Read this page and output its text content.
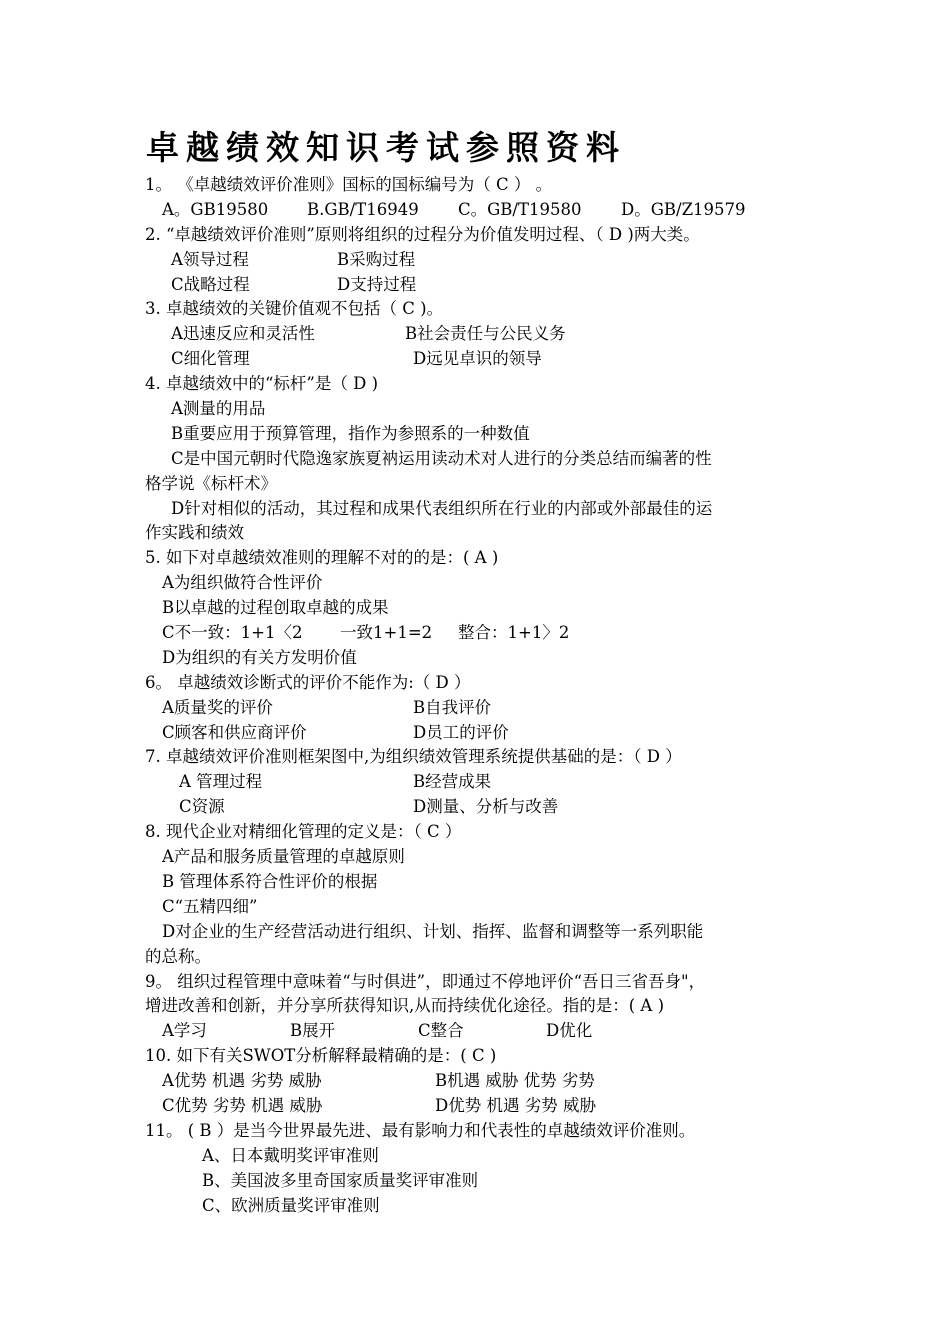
卓越绩效知识考试参照资料
1。 《卓越绩效评价准则》国标的国标编号为（ C ） 。
A。GB19580 B.GB/T16949 C。GB/T19580 D。GB/Z19579
2. “卓越绩效评价准则”原则将组织的过程分为价值发明过程、（ D )两大类。
A领导过程	B采购过程
C战略过程	D支持过程
3. 卓越绩效的关键价值观不包括（ C )。
A迅速反应和灵活性	B社会责任与公民义务
C细化管理	D远见卓识的领导
4. 卓越绩效中的“标杆”是（ D )
A测量的用品
B重要应用于预算管理，指作为参照系的一种数值
C是中国元朝时代隐逸家族夏衲运用读动术对人进行的分类总结而编著的性
格学说《标杆术》
D针对相似的活动，其过程和成果代表组织所在行业的内部或外部最佳的运
作实践和绩效
5. 如下对卓越绩效准则的理解不对的的是：( A )
A为组织做符合性评价
B以卓越的过程创取卓越的成果
C不一致：1+1〈2 一致1+1=2 整合：1+1〉2
D为组织的有关方发明价值
6。 卓越绩效诊断式的评价不能作为:（ D ）
A质量奖的评价	B自我评价
C顾客和供应商评价	D员工的评价
7. 卓越绩效评价准则框架图中,为组织绩效管理系统提供基础的是：（ D ）
A 管理过程	B经营成果
C资源	D测量、分析与改善
8. 现代企业对精细化管理的定义是：（ C ）
A产品和服务质量管理的卓越原则
B 管理体系符合性评价的根据
C“五精四细”
D对企业的生产经营活动进行组织、计划、指挥、监督和调整等一系列职能
的总称。
9。 组织过程管理中意味着“与时俱进”，即通过不停地评价“吾日三省吾身"，
增进改善和创新，并分享所获得知识,从而持续优化途径。指的是：( A )
A学习	B展开	C整合	D优化
10. 如下有关SWOT分析解释最精确的是：( C )
A优势 机遇 劣势 威胁	B机遇 威胁 优势 劣势
C优势 劣势 机遇 威胁	D优势 机遇 劣势 威胁
11。 ( B ）是当今世界最先进、最有影响力和代表性的卓越绩效评价准则。
A、日本戴明奖评审准则
B、美国波多里奇国家质量奖评审准则
C、欧洲质量奖评审准则
